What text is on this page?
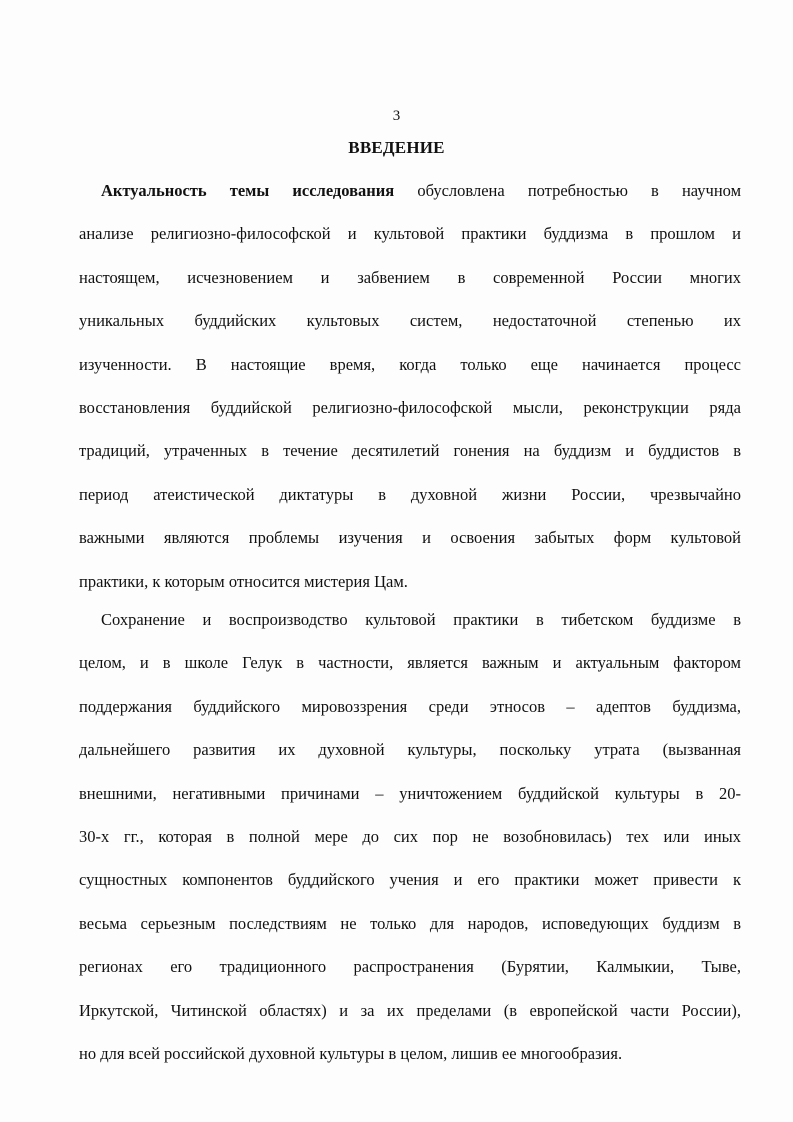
3
ВВЕДЕНИЕ
Актуальность темы исследования обусловлена потребностью в научном
анализе религиозно-философской и культовой практики буддизма в прошлом и
настоящем, исчезновением и забвением в современной России многих
уникальных буддийских культовых систем, недостаточной степенью их
изученности. В настоящие время, когда только еще начинается процесс
восстановления буддийской религиозно-философской мысли, реконструкции ряда
традиций, утраченных в течение десятилетий гонения на буддизм и буддистов в
период атеистической диктатуры в духовной жизни России, чрезвычайно
важными являются проблемы изучения и освоения забытых форм культовой
практики, к которым относится мистерия Цам.
Сохранение и воспроизводство культовой практики в тибетском буддизме в
целом, и в школе Гелук в частности, является важным и актуальным фактором
поддержания буддийского мировоззрения среди этносов – адептов буддизма,
дальнейшего развития их духовной культуры, поскольку утрата (вызванная
внешними, негативными причинами – уничтожением буддийской культуры в 20-
30-х гг., которая в полной мере до сих пор не возобновилась) тех или иных
сущностных компонентов буддийского учения и его практики может привести к
весьма серьезным последствиям не только для народов, исповедующих буддизм в
регионах его традиционного распространения (Бурятии, Калмыкии, Тыве,
Иркутской, Читинской областях) и за их пределами (в европейской части России),
но для всей российской духовной культуры в целом, лишив ее многообразия.
